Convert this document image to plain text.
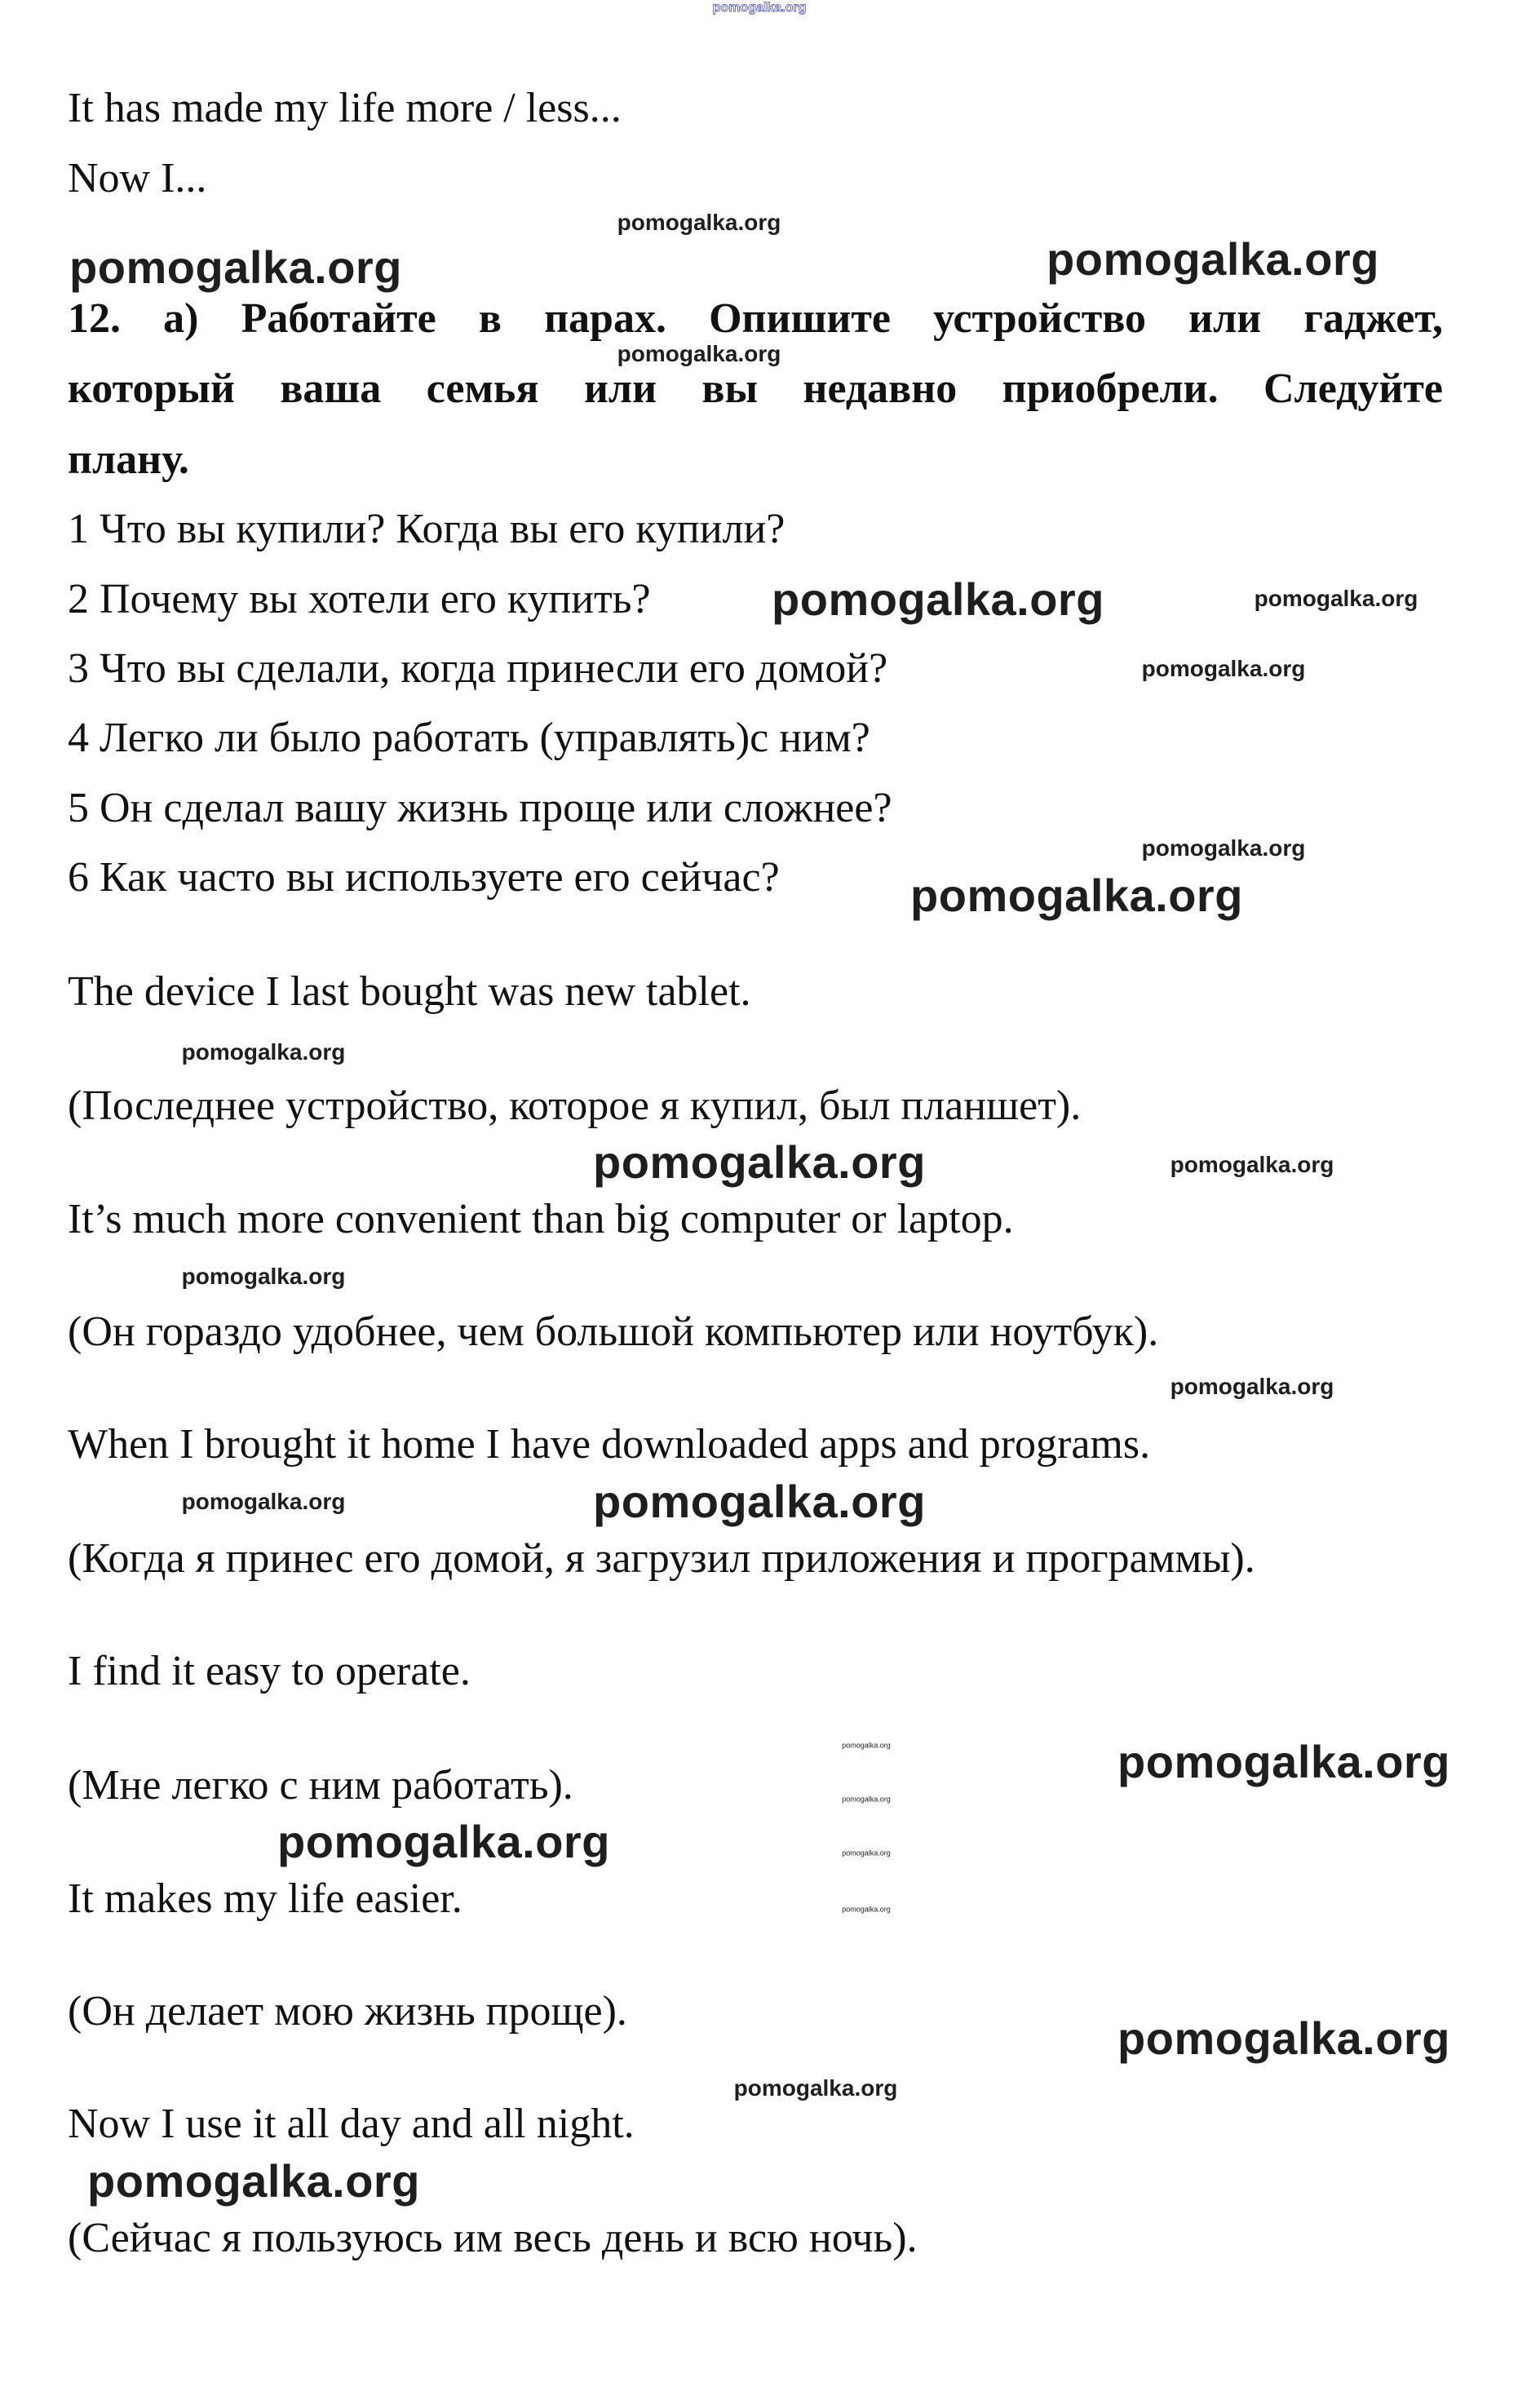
It has made my life more / less...
Now I...
12. a) Работайте в парах. Опишите устройство или гаджет,
который ваша семья или вы недавно приобрели. Следуйте
плану.
1 Что вы купили? Когда вы его купили?
2 Почему вы хотели его купить?
3 Что вы сделали, когда принесли его домой?
4 Легко ли было работать (управлять)с ним?
5 Он сделал вашу жизнь проще или сложнее?
6 Как часто вы используете его сейчас?
The device I last bought was new tablet.
(Последнее устройство, которое я купил, был планшет).
It’s much more convenient than big computer or laptop.
(Он гораздо удобнее, чем большой компьютер или ноутбук).
When I brought it home I have downloaded apps and programs.
(Когда я принес его домой, я загрузил приложения и программы).
I find it easy to operate.
(Мне легко с ним работать).
It makes my life easier.
(Он делает мою жизнь проще).
Now I use it all day and all night.
(Сейчас я пользуюсь им весь день и всю ночь).
pomogalka.org
pomogalka.org
pomogalka.org
pomogalka.org
pomogalka.org
pomogalka.org
pomogalka.org
pomogalka.org
pomogalka.org
pomogalka.org
pomogalka.org
pomogalka.org
pomogalka.org	pomogalka.org
pomogalka.org
pomogalka.org
pomogalka.org
pomogalka.org
pomogalka.org
pomogalka.org
pomogalka.org
pomogalka.org
pomogalka.org
pomogalka.org
pomogalka.org
pomogalka.org
